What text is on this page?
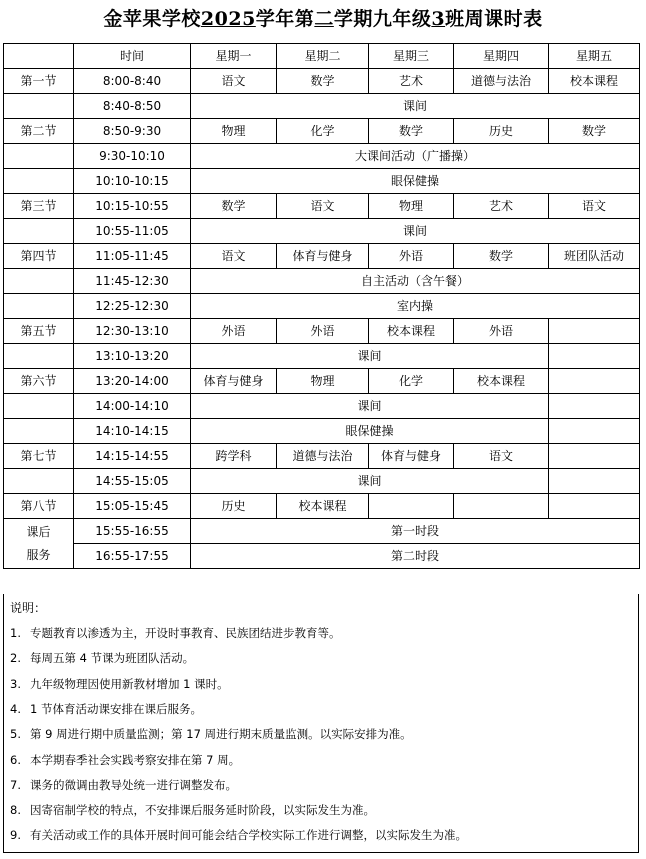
金苹果学校2025学年第二学期九年级3班周课时表
	时间	星期一	星期二	星期三	星期四	星期五
第一节	8:00-8:40	语文	数学	艺术	道德与法治	校本课程
	8:40-8:50	课间				
第二节	8:50-9:30	物理	化学	数学	历史	数学
	9:30-10:10	大课间活动（广播操）				
	10:10-10:15	眼保健操				
第三节	10:15-10:55	数学	语文	物理	艺术	语文
	10:55-11:05	课间				
第四节	11:05-11:45	语文	体育与健身	外语	数学	班团队活动
	11:45-12:30	自主活动（含午餐）				
	12:25-12:30	室内操				
第五节	12:30-13:10	外语	外语	校本课程	外语	
	13:10-13:20	课间				
第六节	13:20-14:00	体育与健身	物理	化学	校本课程	
	14:00-14:10	课间				
	14:10-14:15	眼保健操				
第七节	14:15-14:55	跨学科	道德与法治	体育与健身	语文	
	14:55-15:05	课间				
第八节	15:05-15:45	历史	校本课程			

课后
服务	15:55-16:55	第一时段				
	16:55-17:55	第二时段				
说明：
1. 专题教育以渗透为主，开设时事教育、民族团结进步教育等。
2. 每周五第 4 节课为班团队活动。
3. 九年级物理因使用新教材增加 1 课时。
4. 1 节体育活动课安排在课后服务。
5. 第 9 周进行期中质量监测；第 17 周进行期末质量监测。以实际安排为准。
6. 本学期春季社会实践考察安排在第 7 周。
7. 课务的微调由教导处统一进行调整发布。
8. 因寄宿制学校的特点，不安排课后服务延时阶段，以实际发生为准。
9. 有关活动或工作的具体开展时间可能会结合学校实际工作进行调整，以实际发生为准。
